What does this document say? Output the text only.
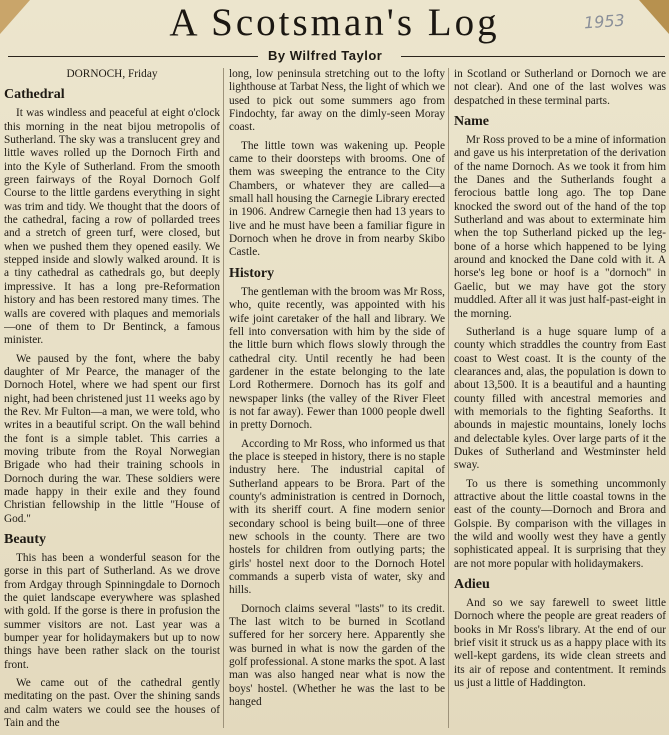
A Scotsman's Log	1953
By Wilfred Taylor
DORNOCH, Friday
Cathedral

It was windless and peaceful at eight o'clock this morning in the neat bijou metropolis of Sutherland. The sky was a translucent grey and little waves rolled up the Dornoch Firth and into the Kyle of Sutherland. From the smooth green fairways of the Royal Dornoch Golf Course to the little gardens everything in sight was trim and tidy. We thought that the doors of the cathedral, facing a row of pollarded trees and a stretch of green turf, were closed, but when we pushed them they opened easily. We stepped inside and slowly walked around. It is a tiny cathedral as cathedrals go, but deeply impressive. It has a long pre-Reformation history and has been restored many times. The walls are covered with plaques and memorials—one of them to Dr Bentinck, a famous minister.

We paused by the font, where the baby daughter of Mr Pearce, the manager of the Dornoch Hotel, where we had spent our first night, had been christened just 11 weeks ago by the Rev. Mr Fulton—a man, we were told, who writes in a beautiful script. On the wall behind the font is a simple tablet. This carries a moving tribute from the Royal Norwegian Brigade who had their training schools in Dornoch during the war. These soldiers were made happy in their exile and they found Christian fellowship in the little "House of God."

Beauty

This has been a wonderful season for the gorse in this part of Sutherland. As we drove from Ardgay through Spinningdale to Dornoch the quiet landscape everywhere was splashed with gold. If the gorse is there in profusion the summer visitors are not. Last year was a bumper year for holidaymakers but up to now things have been rather slack on the tourist front.

We came out of the cathedral gently meditating on the past. Over the shining sands and calm waters we could see the houses of Tain and the

long, low peninsula stretching out to the lofty lighthouse at Tarbat Ness, the light of which we used to pick out some summers ago from Findochty, far away on the dimly-seen Moray coast.

The little town was wakening up. People came to their doorsteps with brooms. One of them was sweeping the entrance to the City Chambers, or whatever they are called—a small hall housing the Carnegie Library erected in 1906. Andrew Carnegie then had 13 years to live and he must have been a familiar figure in Dornoch when he drove in from nearby Skibo Castle.

History

The gentleman with the broom was Mr Ross, who, quite recently, was appointed with his wife joint caretaker of the hall and library. We fell into conversation with him by the side of the little burn which flows slowly through the cathedral city. Until recently he had been gardener in the estate belonging to the late Lord Rothermere. Dornoch has its golf and newspaper links (the valley of the River Fleet is not far away). Fewer than 1000 people dwell in pretty Dornoch.

According to Mr Ross, who informed us that the place is steeped in history, there is no staple industry here. The industrial capital of Sutherland appears to be Brora. Part of the county's administration is centred in Dornoch, with its sheriff court. A fine modern senior secondary school is being built—one of three new schools in the county. There are two hostels for children from outlying parts; the girls' hostel next door to the Dornoch Hotel commands a superb vista of water, sky and hills.

Dornoch claims several "lasts" to its credit. The last witch to be burned in Scotland suffered for her sorcery here. Apparently she was burned in what is now the garden of the golf professional. A stone marks the spot. A last man was also hanged near what is now the boys' hostel. (Whether he was the last to be hanged

in Scotland or Sutherland or Dornoch we are not clear). And one of the last wolves was despatched in these terminal parts.

Name

Mr Ross proved to be a mine of information and gave us his interpretation of the derivation of the name Dornoch. As we took it from him the Danes and the Sutherlands fought a ferocious battle long ago. The top Dane knocked the sword out of the hand of the top Sutherland and was about to exterminate him when the top Sutherland picked up the leg-bone of a horse which happened to be lying around and knocked the Dane cold with it. A horse's leg bone or hoof is a "dornoch" in Gaelic, but we may have got the story muddled. After all it was just half-past-eight in the morning.

Sutherland is a huge square lump of a county which straddles the country from East coast to West coast. It is the county of the clearances and, alas, the population is down to about 13,500. It is a beautiful and a haunting county filled with ancestral memories and with memorials to the fighting Seaforths. It abounds in majestic mountains, lonely lochs and delectable kyles. Over large parts of it the Dukes of Sutherland and Westminster held sway.

To us there is something uncommonly attractive about the little coastal towns in the east of the county—Dornoch and Brora and Golspie. By comparison with the villages in the wild and woolly west they have a gently sophisticated appeal. It is surprising that they are not more popular with holidaymakers.

Adieu

And so we say farewell to sweet little Dornoch where the people are great readers of books in Mr Ross's library. At the end of our brief visit it struck us as a happy place with its well-kept gardens, its wide clean streets and its air of repose and contentment. It reminds us just a little of Haddington.
